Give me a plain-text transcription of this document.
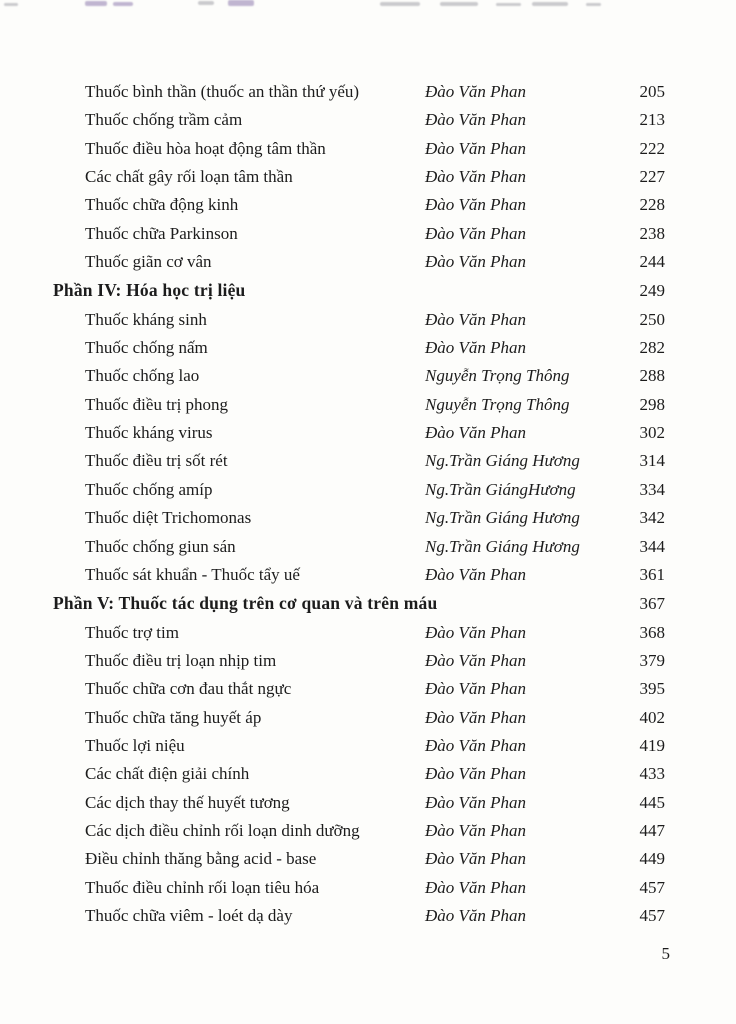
Thuốc bình thần (thuốc an thần thứ yếu)	Đào Văn Phan	205
Thuốc chống trầm cảm	Đào Văn Phan	213
Thuốc điều hòa hoạt động tâm thần	Đào Văn Phan	222
Các chất gây rối loạn tâm thần	Đào Văn Phan	227
Thuốc chữa động kinh	Đào Văn Phan	228
Thuốc chữa Parkinson	Đào Văn Phan	238
Thuốc giãn cơ vân	Đào Văn Phan	244
Phần IV: Hóa học trị liệu	249
Thuốc kháng sinh	Đào Văn Phan	250
Thuốc chống nấm	Đào Văn Phan	282
Thuốc chống lao	Nguyễn Trọng Thông	288
Thuốc điều trị phong	Nguyễn Trọng Thông	298
Thuốc kháng virus	Đào Văn Phan	302
Thuốc điều trị sốt rét	Ng.Trần Giáng Hương	314
Thuốc chống amíp	Ng.Trần GiángHương	334
Thuốc diệt Trichomonas	Ng.Trần Giáng Hương	342
Thuốc chống giun sán	Ng.Trần Giáng Hương	344
Thuốc sát khuẩn - Thuốc tẩy uế	Đào Văn Phan	361
Phần V: Thuốc tác dụng trên cơ quan và trên máu	367
Thuốc trợ tim	Đào Văn Phan	368
Thuốc điều trị loạn nhịp tim	Đào Văn Phan	379
Thuốc chữa cơn đau thắt ngực	Đào Văn Phan	395
Thuốc chữa tăng huyết áp	Đào Văn Phan	402
Thuốc lợi niệu	Đào Văn Phan	419
Các chất điện giải chính	Đào Văn Phan	433
Các dịch thay thế huyết tương	Đào Văn Phan	445
Các dịch điều chỉnh rối loạn dinh dưỡng	Đào Văn Phan	447
Điều chỉnh thăng bằng acid - base	Đào Văn Phan	449
Thuốc điều chỉnh rối loạn tiêu hóa	Đào Văn Phan	457
Thuốc chữa viêm - loét dạ dày	Đào Văn Phan	457
5
